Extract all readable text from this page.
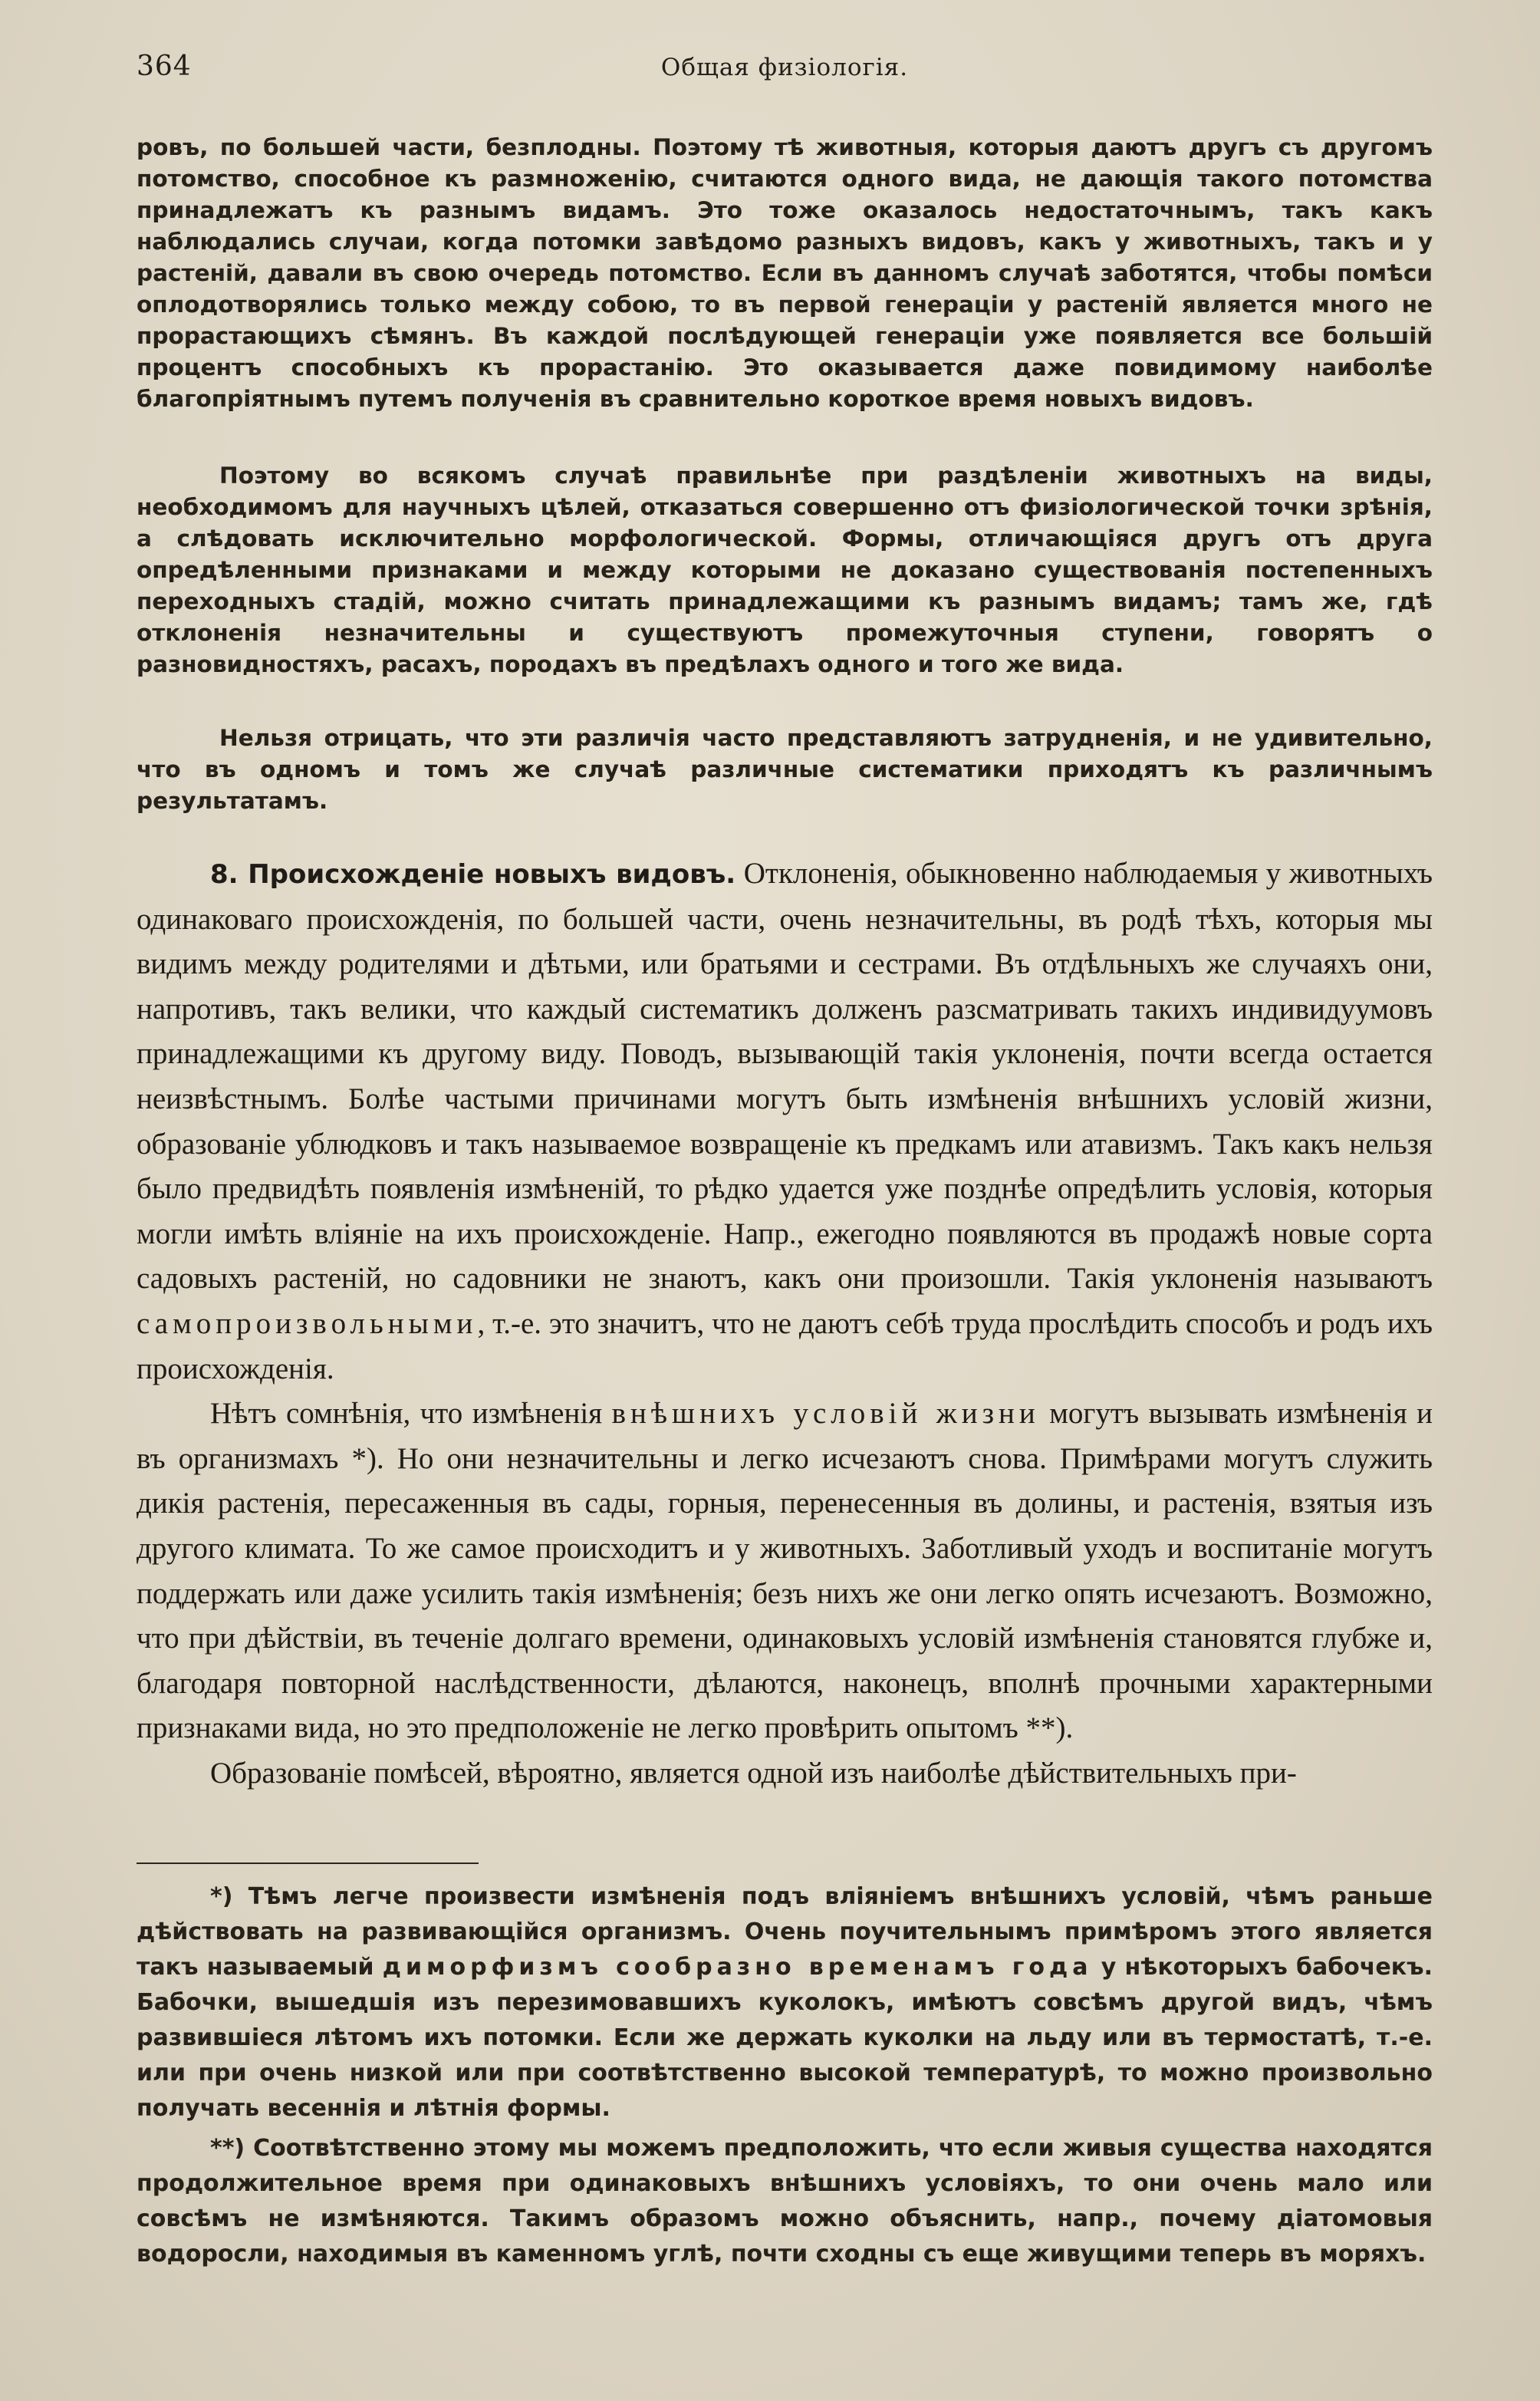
364	Общая физiологiя.

ровъ, по большей части, безплодны. Поэтому тѣ животныя, которыя даютъ другъ съ другомъ потомство, способное къ размноженiю, считаются одного вида, не дающiя такого потомства принадлежатъ къ разнымъ видамъ. Это тоже оказалось недостаточнымъ, такъ какъ наблюдались случаи, когда потомки завѣдомо разныхъ видовъ, какъ у животныхъ, такъ и у растенiй, давали въ свою очередь потомство. Если въ данномъ случаѣ заботятся, чтобы помѣси оплодотворялись только между собою, то въ первой генерацiи у растенiй является много не прорастающихъ сѣмянъ. Въ каждой послѣдующей генерацiи уже появляется все большiй процентъ способныхъ къ прорастанiю. Это оказывается даже повидимому наиболѣе благопрiятнымъ путемъ полученiя въ сравнительно короткое время новыхъ видовъ.

Поэтому во всякомъ случаѣ правильнѣе при раздѣленiи животныхъ на виды, необходимомъ для научныхъ цѣлей, отказаться совершенно отъ физiологической точки зрѣнiя, а слѣдовать исключительно морфологической. Формы, отличающiяся другъ отъ друга опредѣленными признаками и между которыми не доказано существованiя постепенныхъ переходныхъ стадiй, можно считать принадлежащими къ разнымъ видамъ; тамъ же, гдѣ отклоненiя незначительны и существуютъ промежуточныя ступени, говорятъ о разновидностяхъ, расахъ, породахъ въ предѣлахъ одного и того же вида.

Нельзя отрицать, что эти различiя часто представляютъ затрудненiя, и не удивительно, что въ одномъ и томъ же случаѣ различные систематики приходятъ къ различнымъ результатамъ.

8. Происхожденiе новыхъ видовъ. Отклоненiя, обыкновенно наблюдаемыя у животныхъ одинаковаго происхожденiя, по большей части, очень незначительны, въ родѣ тѣхъ, которыя мы видимъ между родителями и дѣтьми, или братьями и сестрами. Въ отдѣльныхъ же случаяхъ они, напротивъ, такъ велики, что каждый систематикъ долженъ разсматривать такихъ индивидуумовъ принадлежащими къ другому виду. Поводъ, вызывающiй такiя уклоненiя, почти всегда остается неизвѣстнымъ. Болѣе частыми причинами могутъ быть измѣненiя внѣшнихъ условiй жизни, образованiе ублюдковъ и такъ называемое возвращенiе къ предкамъ или атавизмъ. Такъ какъ нельзя было предвидѣть появленiя измѣненiй, то рѣдко удается уже позднѣе опредѣлить условiя, которыя могли имѣть влiянiе на ихъ происхожденiе. Напр., ежегодно появляются въ продажѣ новые сорта садовыхъ растенiй, но садовники не знаютъ, какъ они произошли. Такiя уклоненiя называютъ самопроизвольными, т.-е. это значитъ, что не даютъ себѣ труда прослѣдить способъ и родъ ихъ происхожденiя.

Нѣтъ сомнѣнiя, что измѣненiя внѣшнихъ условiй жизни могутъ вызывать измѣненiя и въ организмахъ *). Но они незначительны и легко исчезаютъ снова. Примѣрами могутъ служить дикiя растенiя, пересаженныя въ сады, горныя, перенесенныя въ долины, и растенiя, взятыя изъ другого климата. То же самое происходитъ и у животныхъ. Заботливый уходъ и воспитанiе могутъ поддержать или даже усилить такiя измѣненiя; безъ нихъ же они легко опять исчезаютъ. Возможно, что при дѣйствiи, въ теченiе долгаго времени, одинаковыхъ условiй измѣненiя становятся глубже и, благодаря повторной наслѣдственности, дѣлаются, наконецъ, вполнѣ прочными характерными признаками вида, но это предположенiе не легко провѣрить опытомъ **).

Образованiе помѣсей, вѣроятно, является одной изъ наиболѣе дѣйствительныхъ при-

*) Тѣмъ легче произвести измѣненiя подъ влiянiемъ внѣшнихъ условiй, чѣмъ раньше дѣйствовать на развивающiйся организмъ. Очень поучительнымъ примѣромъ этого является такъ называемый диморфизмъ сообразно временамъ года у нѣкоторыхъ бабочекъ. Бабочки, вышедшiя изъ перезимовавшихъ куколокъ, имѣютъ совсѣмъ другой видъ, чѣмъ развившiеся лѣтомъ ихъ потомки. Если же держать куколки на льду или въ термостатѣ, т.-е. или при очень низкой или при соотвѣтственно высокой температурѣ, то можно произвольно получать весеннiя и лѣтнiя формы.

**) Соотвѣтственно этому мы можемъ предположить, что если живыя существа находятся продолжительное время при одинаковыхъ внѣшнихъ условiяхъ, то они очень мало или совсѣмъ не измѣняются. Такимъ образомъ можно объяснить, напр., почему дiатомовыя водоросли, находимыя въ каменномъ углѣ, почти сходны съ еще живущими теперь въ моряхъ.
